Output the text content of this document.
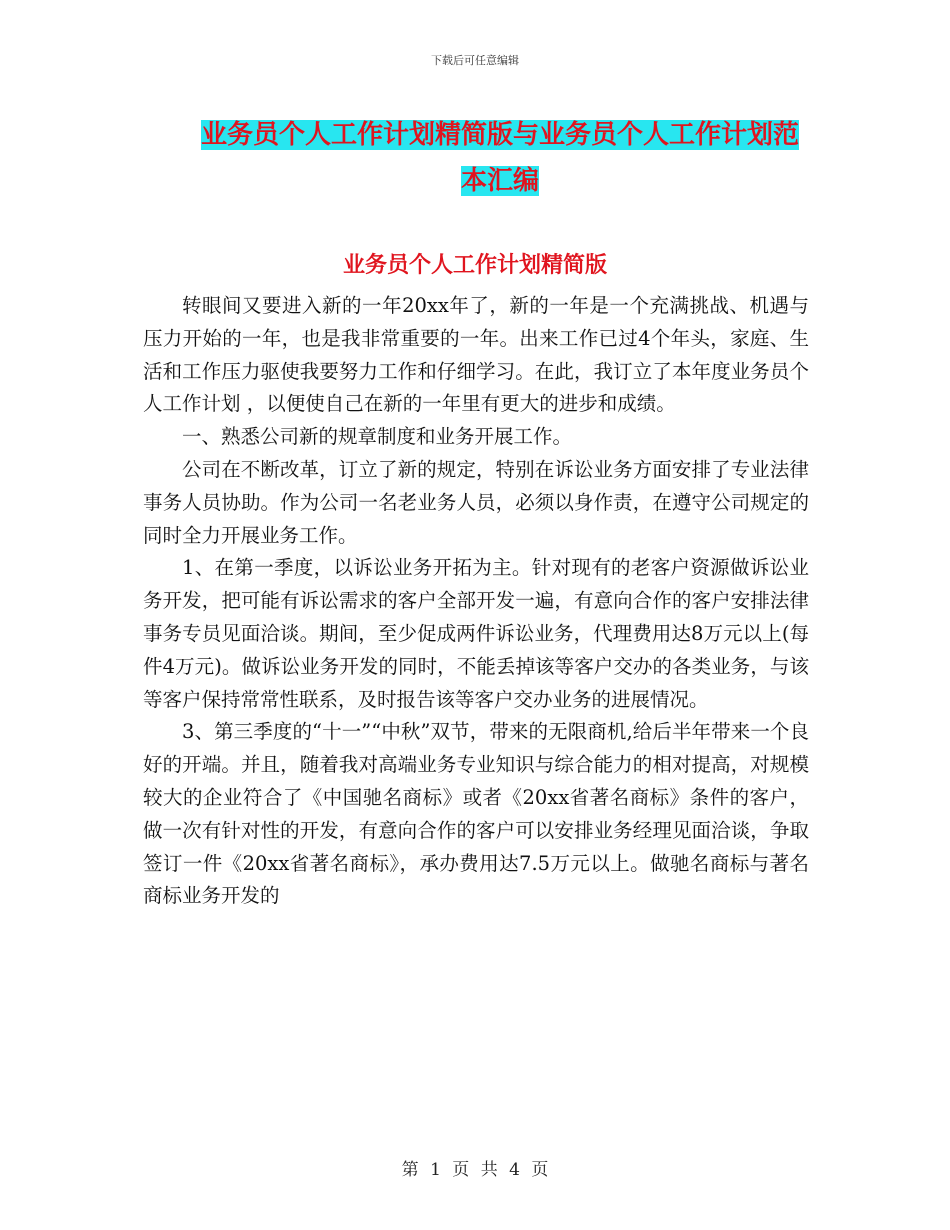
下载后可任意编辑
业务员个人工作计划精简版与业务员个人工作计划范
本汇编
业务员个人工作计划精简版

转眼间又要进入新的一年20xx年了，新的一年是一个充满挑战、机遇与压力开始的一年，也是我非常重要的一年。出来工作已过4个年头，家庭、生活和工作压力驱使我要努力工作和仔细学习。在此，我订立了本年度业务员个人工作计划 ，以便使自己在新的一年里有更大的进步和成绩。

一、熟悉公司新的规章制度和业务开展工作。

公司在不断改革，订立了新的规定，特别在诉讼业务方面安排了专业法律事务人员协助。作为公司一名老业务人员，必须以身作责，在遵守公司规定的同时全力开展业务工作。

1、在第一季度，以诉讼业务开拓为主。针对现有的老客户资源做诉讼业务开发，把可能有诉讼需求的客户全部开发一遍，有意向合作的客户安排法律事务专员见面洽谈。期间，至少促成两件诉讼业务，代理费用达8万元以上(每件4万元)。做诉讼业务开发的同时，不能丢掉该等客户交办的各类业务，与该等客户保持常常性联系，及时报告该等客户交办业务的进展情况。

3、第三季度的“十一”“中秋”双节，带来的无限商机,给后半年带来一个良好的开端。并且，随着我对高端业务专业知识与综合能力的相对提高，对规模较大的企业符合了《中国驰名商标》或者《20xx省著名商标》条件的客户，做一次有针对性的开发，有意向合作的客户可以安排业务经理见面洽谈，争取签订一件《20xx省著名商标》，承办费用达7.5万元以上。做驰名商标与著名商标业务开发的

第 1 页 共 4 页
